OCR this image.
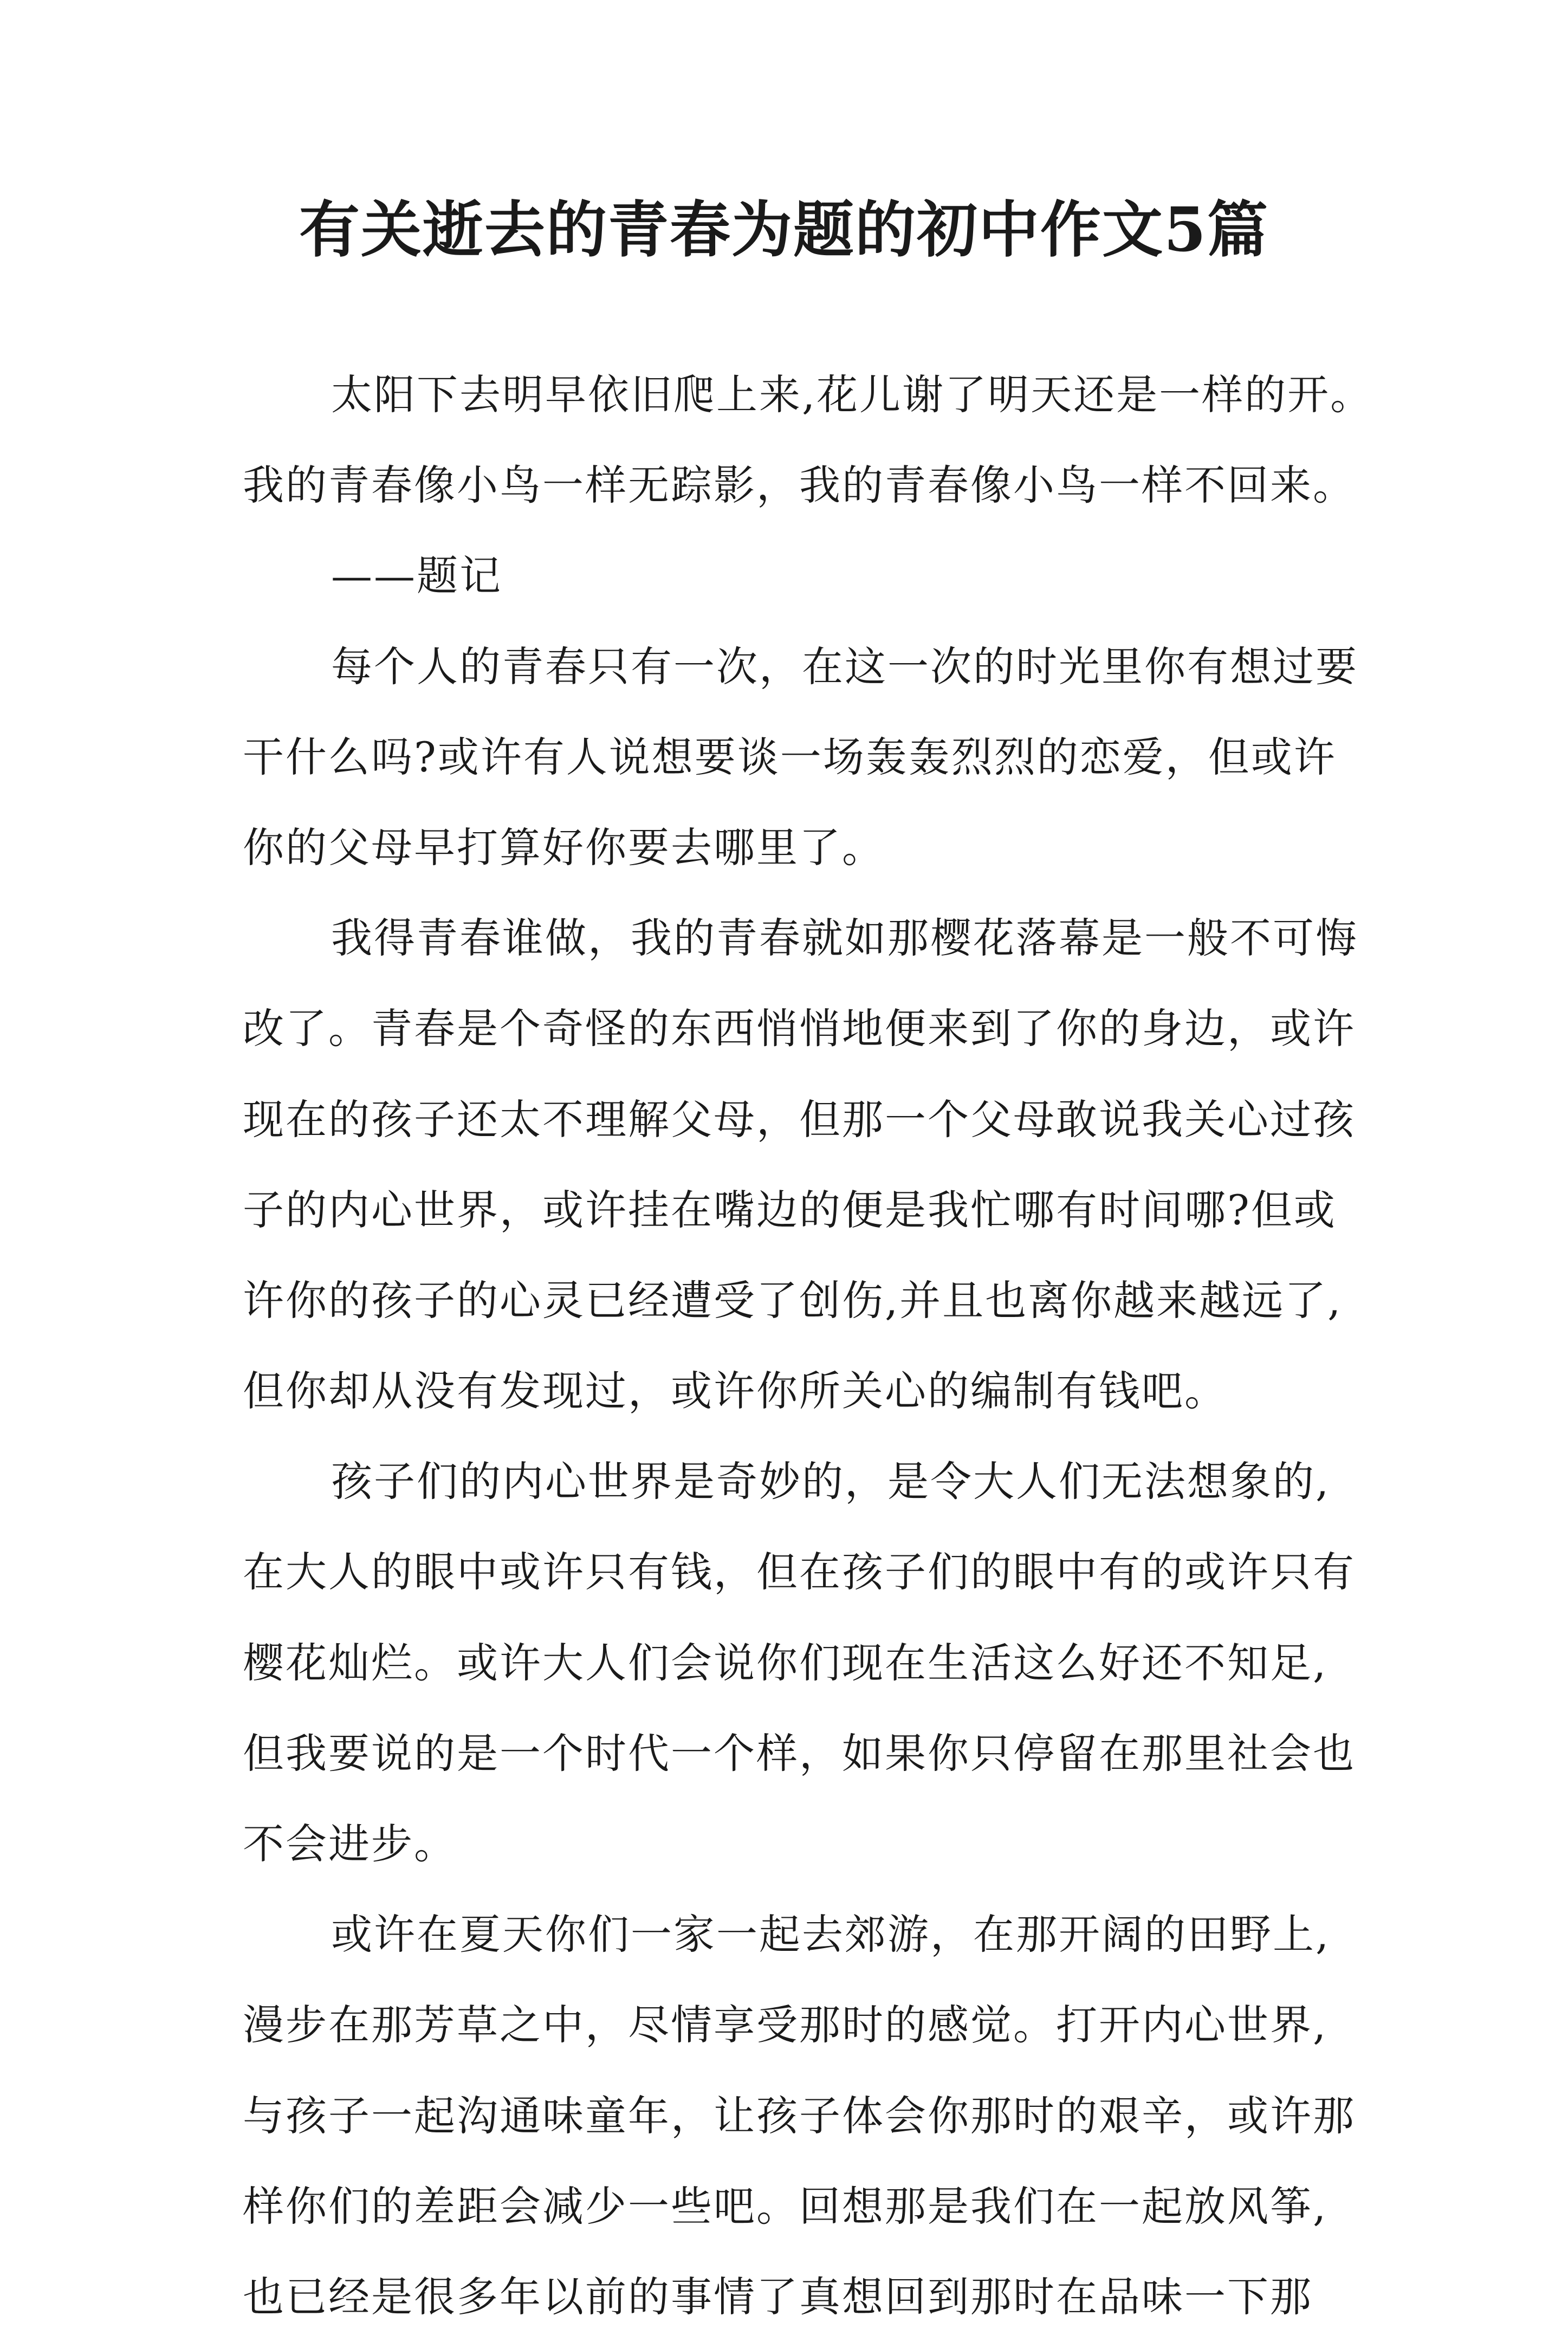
有关逝去的青春为题的初中作文5篇
太阳下去明早依旧爬上来,花儿谢了明天还是一样的开。
我的青春像小鸟一样无踪影，我的青春像小鸟一样不回来。
——题记
每个人的青春只有一次，在这一次的时光里你有想过要
干什么吗?或许有人说想要谈一场轰轰烈烈的恋爱，但或许
你的父母早打算好你要去哪里了。
我得青春谁做，我的青春就如那樱花落幕是一般不可悔
改了。青春是个奇怪的东西悄悄地便来到了你的身边，或许
现在的孩子还太不理解父母，但那一个父母敢说我关心过孩
子的内心世界，或许挂在嘴边的便是我忙哪有时间哪?但或
许你的孩子的心灵已经遭受了创伤,并且也离你越来越远了,
但你却从没有发现过，或许你所关心的编制有钱吧。
孩子们的内心世界是奇妙的，是令大人们无法想象的,
在大人的眼中或许只有钱，但在孩子们的眼中有的或许只有
樱花灿烂。或许大人们会说你们现在生活这么好还不知足,
但我要说的是一个时代一个样，如果你只停留在那里社会也
不会进步。
或许在夏天你们一家一起去郊游，在那开阔的田野上,
漫步在那芳草之中，尽情享受那时的感觉。打开内心世界,
与孩子一起沟通味童年，让孩子体会你那时的艰辛，或许那
样你们的差距会减少一些吧。回想那是我们在一起放风筝,
也已经是很多年以前的事情了真想回到那时在品味一下那
